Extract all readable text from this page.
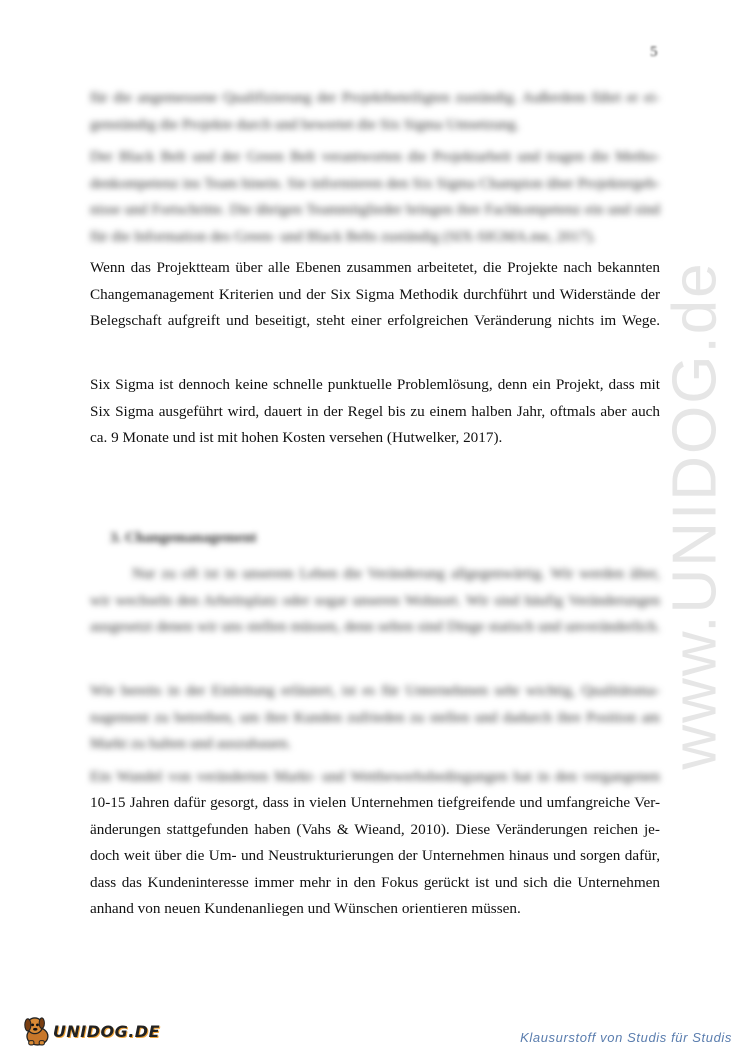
5
für die angemessene Qualifizierung der Projektbeteiligten zuständig. Außerdem führt er ei-
genständig die Projekte durch und bewertet die Six Sigma Umsetzung.
Der Black Belt und der Green Belt verantworten die Projektarbeit und tragen die Metho-
denkompetenz ins Team hinein. Sie informieren den Six Sigma Champion über Projektergeb-
nisse und Fortschritte. Die übrigen Teammitglieder bringen ihre Fachkompetenz ein und sind
für die Information des Green- und Black Belts zuständig (SIX-SIGMA.me, 2017).
Wenn das Projektteam über alle Ebenen zusammen arbeitetet, die Projekte nach bekannten
Changemanagement Kriterien und der Six Sigma Methodik durchführt und Widerstände der
Belegschaft aufgreift und beseitigt, steht einer erfolgreichen Veränderung nichts im Wege.
Six Sigma ist dennoch keine schnelle punktuelle Problemlösung, denn ein Projekt, dass mit
Six Sigma ausgeführt wird, dauert in der Regel bis zu einem halben Jahr, oftmals aber auch
ca. 9 Monate und ist mit hohen Kosten versehen (Hutwelker, 2017).
3. Changemanagement
Nur zu oft ist in unserem Leben die Veränderung allgegenwärtig. Wir werden älter,
wir wechseln den Arbeitsplatz oder sogar unseren Wohnort. Wir sind häufig Veränderungen
ausgesetzt denen wir uns stellen müssen, denn selten sind Dinge statisch und unveränderlich.
Wie bereits in der Einleitung erläutert, ist es für Unternehmen sehr wichtig, Qualitätsma-
nagement zu betreiben, um ihre Kunden zufrieden zu stellen und dadurch ihre Position am
Markt zu halten und auszubauen.
Ein Wandel von veränderten Markt- und Wettbewerbsbedingungen hat in den vergangenen
10-15 Jahren dafür gesorgt, dass in vielen Unternehmen tiefgreifende und umfangreiche Ver-
änderungen stattgefunden haben (Vahs & Wieand, 2010). Diese Veränderungen reichen je-
doch weit über die Um- und Neustrukturierungen der Unternehmen hinaus und sorgen dafür,
dass das Kundeninteresse immer mehr in den Fokus gerückt ist und sich die Unternehmen
anhand von neuen Kundenanliegen und Wünschen orientieren müssen.
www.UNIDOG.de
UNIDOG.DE	Klausurstoff von Studis für Studis
